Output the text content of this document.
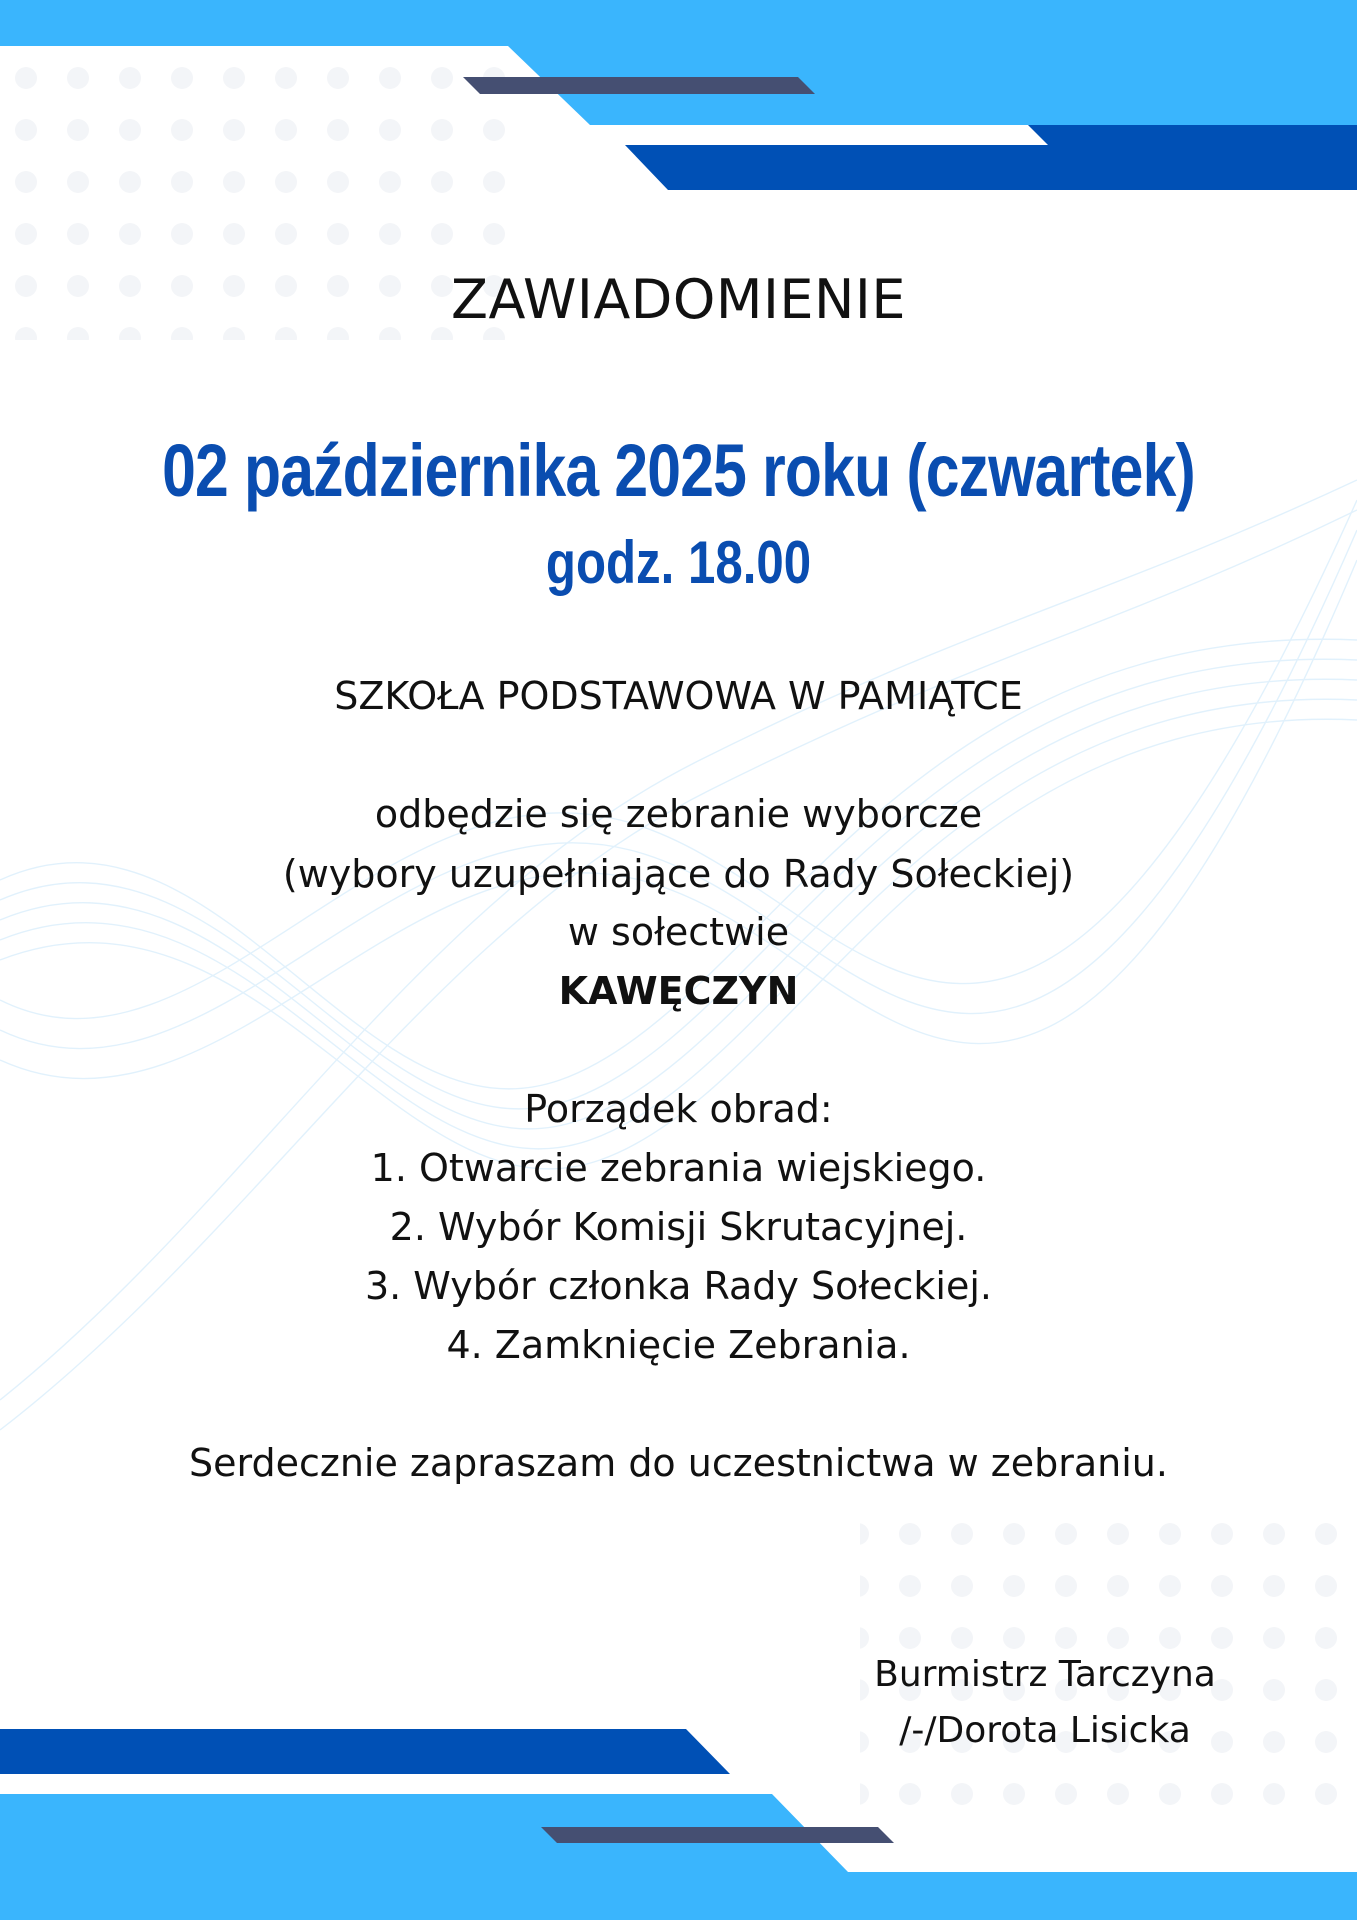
ZAWIADOMIENIE
02 października 2025 roku (czwartek)
godz. 18.00
SZKOŁA PODSTAWOWA W PAMIĄTCE
odbędzie się zebranie wyborcze
(wybory uzupełniające do Rady Sołeckiej)
w sołectwie
KAWĘCZYN
Porządek obrad:
1. Otwarcie zebrania wiejskiego.
2. Wybór Komisji Skrutacyjnej.
3. Wybór członka Rady Sołeckiej.
4. Zamknięcie Zebrania.
Serdecznie zapraszam do uczestnictwa w zebraniu.
Burmistrz Tarczyna
/-/Dorota Lisicka
